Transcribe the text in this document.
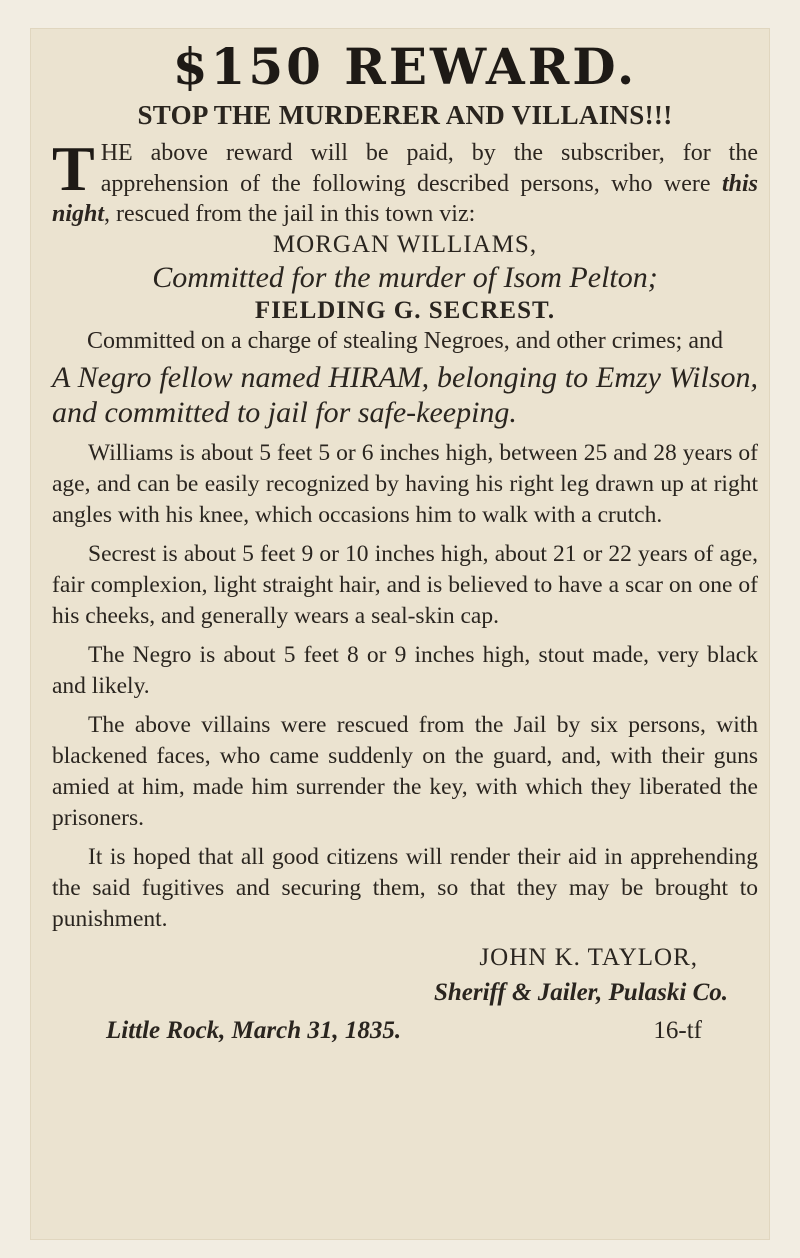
$150 REWARD.
STOP THE MURDERER AND VILLAINS!!!

THE above reward will be paid, by the subscriber, for the apprehension of the following described persons, who were this night, rescued from the jail in this town viz:

MORGAN WILLIAMS,

Committed for the murder of Isom Pelton;

FIELDING G. SECREST.

Committed on a charge of stealing Negroes, and other crimes; and

A Negro fellow named HIRAM, belonging to Emzy Wilson, and committed to jail for safe-keeping.

Williams is about 5 feet 5 or 6 inches high, between 25 and 28 years of age, and can be easily recognized by having his right leg drawn up at right angles with his knee, which occasions him to walk with a crutch.

Secrest is about 5 feet 9 or 10 inches high, about 21 or 22 years of age, fair complexion, light straight hair, and is believed to have a scar on one of his cheeks, and generally wears a seal-skin cap.

The Negro is about 5 feet 8 or 9 inches high, stout made, very black and likely.

The above villains were rescued from the Jail by six persons, with blackened faces, who came suddenly on the guard, and, with their guns amied at him, made him surrender the key, with which they liberated the prisoners.

It is hoped that all good citizens will render their aid in apprehending the said fugitives and securing them, so that they may be brought to punishment.

JOHN K. TAYLOR,

Sheriff & Jailer, Pulaski Co.

Little Rock, March 31, 1835.	16-tf
